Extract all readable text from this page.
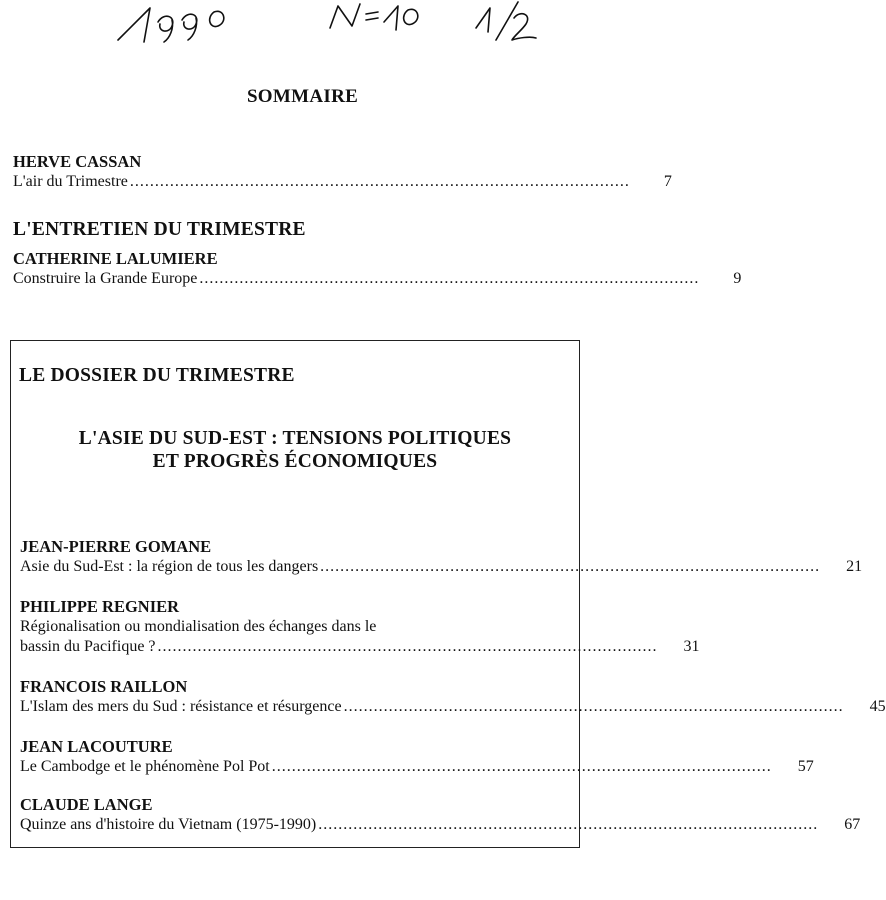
SOMMAIRE
HERVE CASSAN
L'air du Trimestre ....................................................................................................	7
L'ENTRETIEN DU TRIMESTRE
CATHERINE LALUMIERE
Construire la Grande Europe ....................................................................................................	9
LE DOSSIER DU TRIMESTRE
L'ASIE DU SUD-EST : TENSIONS POLITIQUES
ET PROGRÈS ÉCONOMIQUES
JEAN-PIERRE GOMANE
Asie du Sud-Est : la région de tous les dangers ....................................................................................................	21
PHILIPPE REGNIER
Régionalisation ou mondialisation des échanges dans le
bassin du Pacifique ? ....................................................................................................	31
FRANCOIS RAILLON
L'Islam des mers du Sud : résistance et résurgence ....................................................................................................	45
JEAN LACOUTURE
Le Cambodge et le phénomène Pol Pot ....................................................................................................	57
CLAUDE LANGE
Quinze ans d'histoire du Vietnam (1975-1990) ....................................................................................................	67
